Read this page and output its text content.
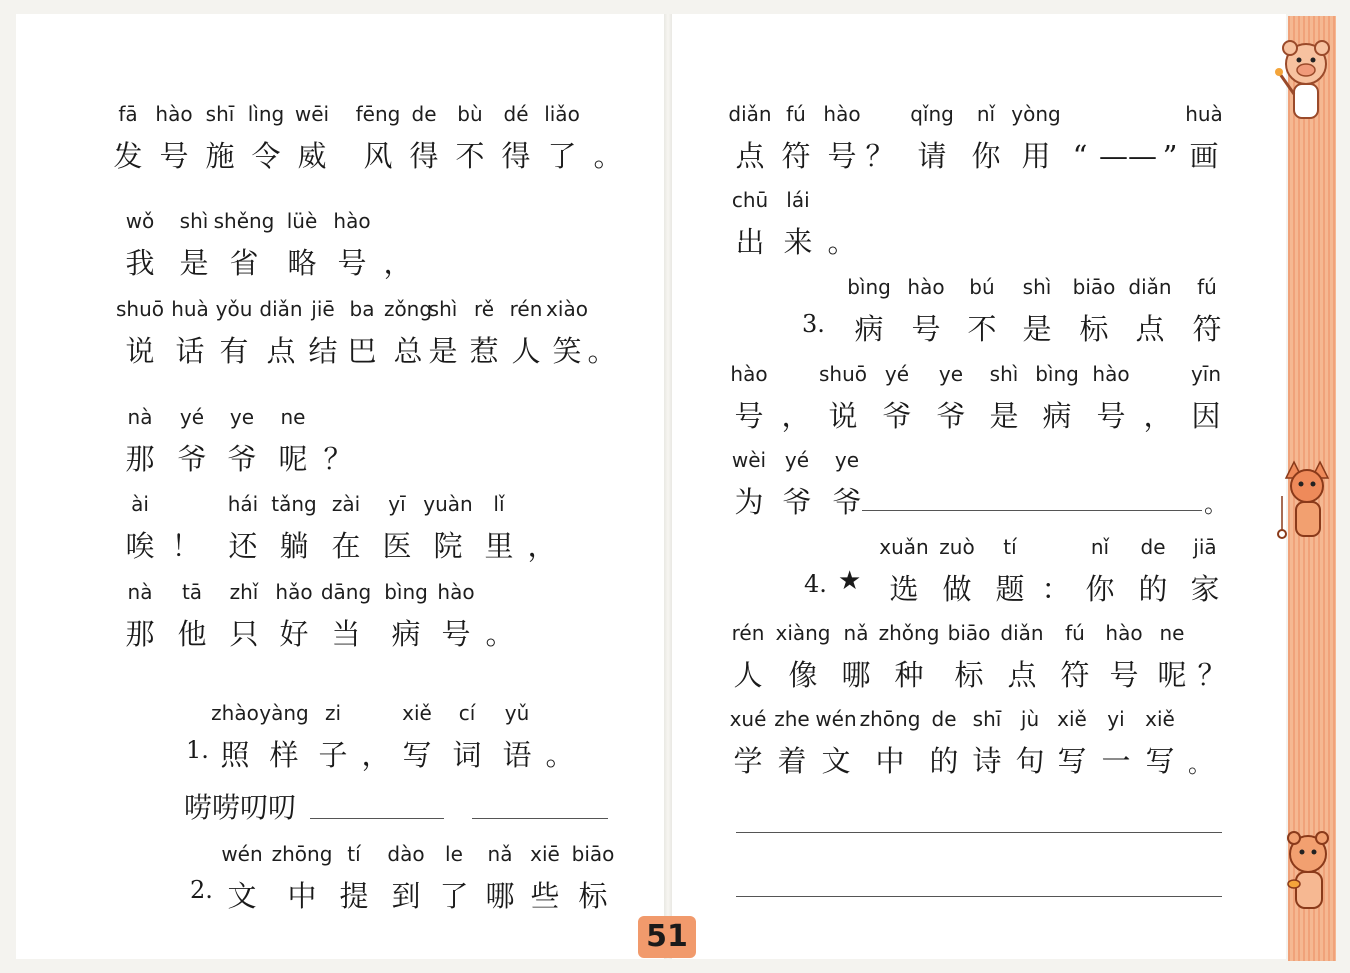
fā
发
hào
号
shī
施
lìng
令
wēi
威
fēng
风
de
得
bù
不
dé
得
liǎo
了 。
wǒ
我
shì
是
shěng
省
lüè
略
hào
号 ，
shuō
说
huà
话
yǒu
有
diǎn
点
jiē
结
ba
巴
zǒng
总
shì
是
rě
惹
rén
人
xiào
笑 。
nà
那
yé
爷
ye
爷
ne
呢 ？
ài
唉 ！
hái
还
tǎng
躺
zài
在
yī
医
yuàn
院
lǐ
里 ，
nà
那
tā
他
zhǐ
只
hǎo
好
dāng
当
bìng
病
hào
号 。
1.
zhào
照
yàng
样
zi
子 ，
xiě
写
cí
词
yǔ
语 。
唠唠叨叨
2.
wén
文
zhōng
中
tí
提
dào
到
le
了
nǎ
哪
xiē
些
biāo
标
51
diǎn
点
fú
符
hào
号 ？
qǐng
请
nǐ
你
yòng
用 “ —— ”
huà
画
chū
出
lái
来 。
3.
bìng
病
hào
号
bú
不
shì
是
biāo
标
diǎn
点
fú
符
hào
号 ，
shuō
说
yé
爷
ye
爷
shì
是
bìng
病
hào
号 ，
yīn
因
wèi
为
yé
爷
ye
爷	。
4. ★
xuǎn
选
zuò
做
tí
题 ：
nǐ
你
de
的
jiā
家
rén
人
xiàng
像
nǎ
哪
zhǒng
种
biāo
标
diǎn
点
fú
符
hào
号
ne
呢 ？
xué
学
zhe
着
wén
文
zhōng
中
de
的
shī
诗
jù
句
xiě
写
yi
一
xiě
写 。
